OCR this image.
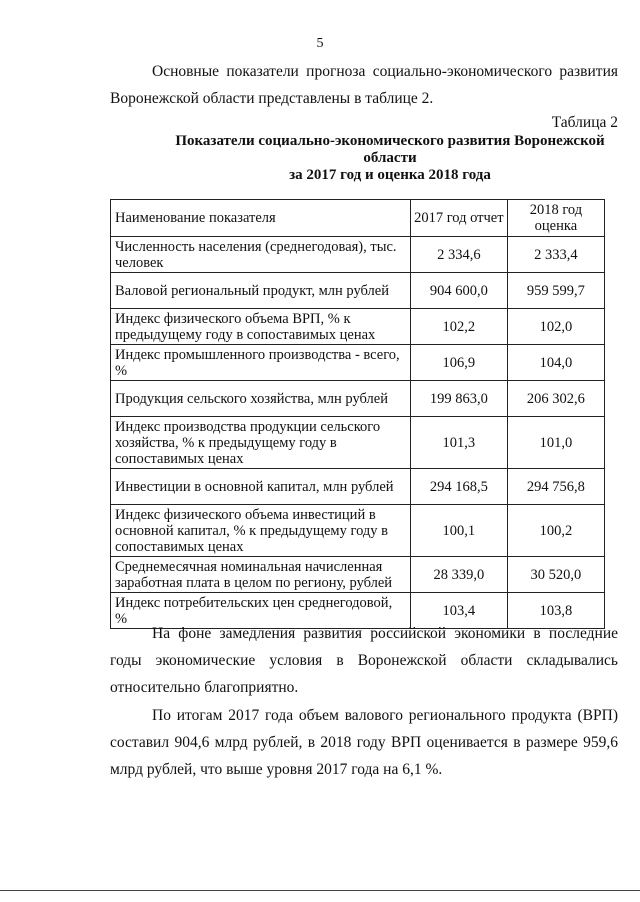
5
Основные показатели прогноза социально-экономического развития Воронежской области представлены в таблице 2.
Таблица 2
Показатели социально-экономического развития Воронежской
области
за 2017 год и оценка 2018 года
Наименование показателя	2017 год отчет	2018 год оценка
Численность населения (среднегодовая), тыс. человек	2 334,6	2 333,4
Валовой региональный продукт, млн рублей	904 600,0	959 599,7
Индекс физического объема ВРП, % к предыдущему году в сопоставимых ценах	102,2	102,0
Индекс промышленного производства - всего, %	106,9	104,0
Продукция сельского хозяйства, млн рублей	199 863,0	206 302,6
Индекс производства продукции сельского хозяйства, % к предыдущему году в сопоставимых ценах	101,3	101,0
Инвестиции в основной капитал, млн рублей	294 168,5	294 756,8
Индекс физического объема инвестиций в основной капитал, % к предыдущему году в сопоставимых ценах	100,1	100,2
Среднемесячная номинальная начисленная заработная плата в целом по региону, рублей	28 339,0	30 520,0
Индекс потребительских цен среднегодовой, %	103,4	103,8
На фоне замедления развития российской экономики в последние годы экономические условия в Воронежской области складывались относительно благоприятно.
По итогам 2017 года объем валового регионального продукта (ВРП) составил 904,6 млрд рублей, в 2018 году ВРП оценивается в размере 959,6 млрд рублей, что выше уровня 2017 года на 6,1 %.
